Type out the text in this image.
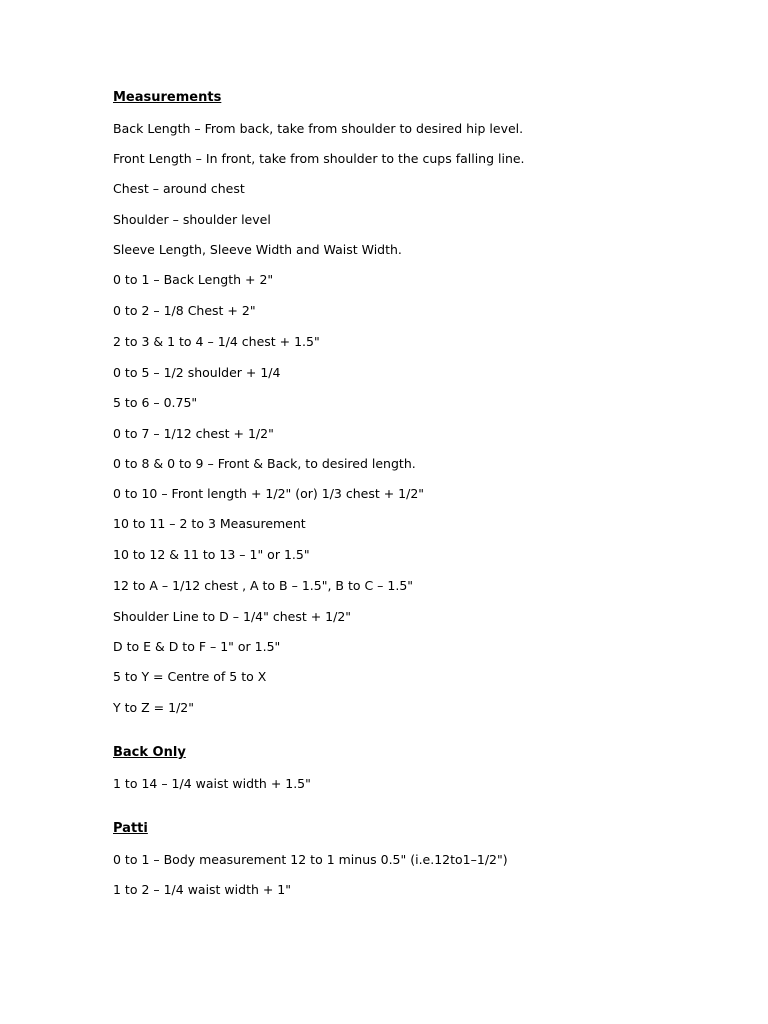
Measurements
Back Length – From back, take from shoulder to desired hip level.
Front Length – In front, take from shoulder to the cups falling line.
Chest – around chest
Shoulder – shoulder level
Sleeve Length, Sleeve Width and Waist Width.
0 to 1 – Back Length + 2"
0 to 2 – 1/8 Chest + 2"
2 to 3 & 1 to 4 – 1/4 chest + 1.5"
0 to 5 – 1/2 shoulder + 1/4
5 to 6 – 0.75"
0 to 7 – 1/12 chest + 1/2"
0 to 8 & 0 to 9 – Front & Back, to desired length.
0 to 10 – Front length + 1/2" (or) 1/3 chest + 1/2"
10 to 11 – 2 to 3 Measurement
10 to 12 & 11 to 13 – 1" or 1.5"
12 to A – 1/12 chest , A to B – 1.5", B to C – 1.5"
Shoulder Line to D – 1/4" chest + 1/2"
D to E & D to F – 1" or 1.5"
5 to Y = Centre of 5 to X
Y to Z = 1/2"
Back Only
1 to 14 – 1/4 waist width + 1.5"
Patti
0 to 1 – Body measurement 12 to 1 minus 0.5" (i.e.12to1–1/2")
1 to 2 – 1/4 waist width + 1"
